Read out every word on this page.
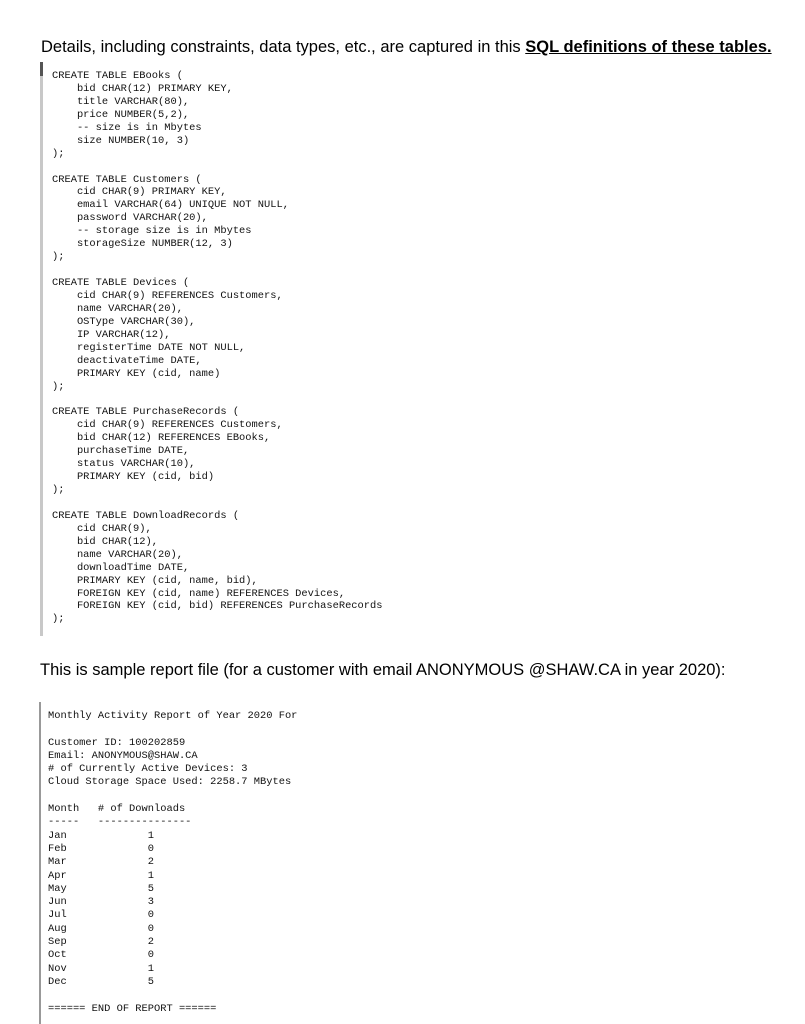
Details, including constraints, data types, etc., are captured in this SQL definitions of these tables.
CREATE TABLE EBooks (
bid CHAR(12) PRIMARY KEY,
title VARCHAR(80),
price NUMBER(5,2),
-- size is in Mbytes
size NUMBER(10, 3)
);

CREATE TABLE Customers (
cid CHAR(9) PRIMARY KEY,
email VARCHAR(64) UNIQUE NOT NULL,
password VARCHAR(20),
-- storage size is in Mbytes
storageSize NUMBER(12, 3)
);

CREATE TABLE Devices (
cid CHAR(9) REFERENCES Customers,
name VARCHAR(20),
OSType VARCHAR(30),
IP VARCHAR(12),
registerTime DATE NOT NULL,
deactivateTime DATE,
PRIMARY KEY (cid, name)
);

CREATE TABLE PurchaseRecords (
cid CHAR(9) REFERENCES Customers,
bid CHAR(12) REFERENCES EBooks,
purchaseTime DATE,
status VARCHAR(10),
PRIMARY KEY (cid, bid)
);

CREATE TABLE DownloadRecords (
cid CHAR(9),
bid CHAR(12),
name VARCHAR(20),
downloadTime DATE,
PRIMARY KEY (cid, name, bid),
FOREIGN KEY (cid, name) REFERENCES Devices,
FOREIGN KEY (cid, bid) REFERENCES PurchaseRecords
);
This is sample report file (for a customer with email ANONYMOUS @SHAW.CA in year 2020):
Monthly Activity Report of Year 2020 For

Customer ID: 100202859
Email: ANONYMOUS@SHAW.CA
# of Currently Active Devices: 3
Cloud Storage Space Used: 2258.7 MBytes

Month   # of Downloads
-----   ---------------
Jan             1
Feb             0
Mar             2
Apr             1
May             5
Jun             3
Jul             0
Aug             0
Sep             2
Oct             0
Nov             1
Dec             5

====== END OF REPORT ======
